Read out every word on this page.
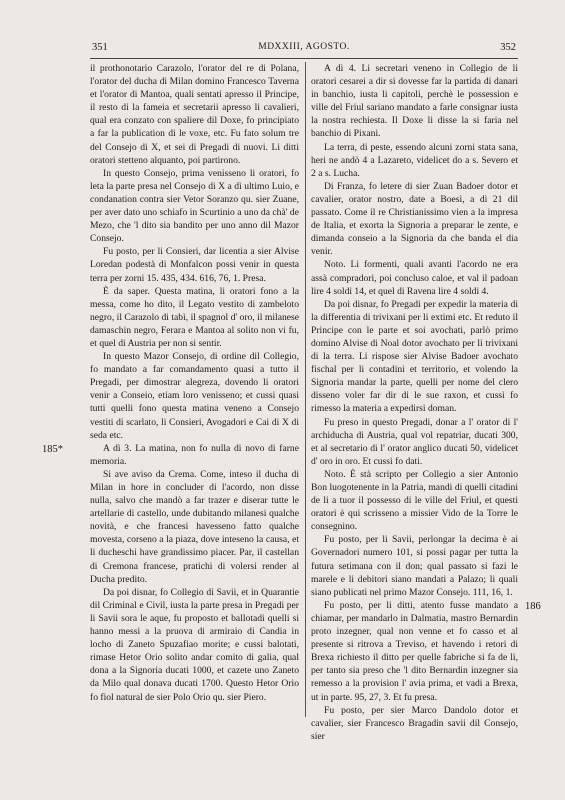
351	MDXXIII, AGOSTO.	352
185*
186

il prothonotario Carazolo, l'orator del re di Polana, l'orator del ducha di Milan domino Francesco Taverna et l'orator di Mantoa, quali sentati apresso il Principe, il resto di la fameia et secretarii apresso li cavalieri, qual era conzato con spaliere dil Doxe, fo principiato a far la publication di le voxe, etc. Fu fato solum tre del Consejo di X, et sei di Pregadi di nuovi. Li ditti oratori stetteno alquanto, poi partirono.

In questo Consejo, prima venisseno li oratori, fo leta la parte presa nel Consejo di X a dì ultimo Luio, e condanation contra sier Vetor Soranzo qu. sier Zuane, per aver dato uno schiafo in Scurtinio a uno da chà' de Mezo, che 'l dito sia bandito per uno anno dil Mazor Consejo.

Fu posto, per li Consieri, dar licentia a sier Alvise Loredan podestà di Monfalcon possi venir in questa terra per zorni 15. 435, 434. 616, 76, 1. Presa.

È da saper. Questa matina, li oratori fono a la messa, come ho dito, il Legato vestito di zambeloto negro, il Carazolo di tabì, il spagnol d' oro, il milanese damaschin negro, Ferara e Mantoa al solito non vi fu, et quel di Austria per non si sentir.

In questo Mazor Consejo, di ordine dil Collegio, fo mandato a far comandamento quasi a tutto il Pregadi, per dimostrar alegreza, dovendo li oratori venir a Conseio, etiam loro venisseno; et cussi quasi tutti quelli fono questa matina veneno a Consejo vestiti di scarlato, li Consieri, Avogadori e Cai di X di seda etc.

A dì 3. La matina, non fo nulla di novo di farne memoria.

Si ave aviso da Crema. Come, inteso il ducha di Milan in hore in concluder di l'acordo, non disse nulla, salvo che mandò a far trazer e diserar tutte le artellarie di castello, unde dubitando milanesi qualche novità, e che francesi havesseno fatto qualche movesta, corseno a la piaza, dove inteseno la causa, et li ducheschi have grandissimo piacer. Par, il castellan di Cremona francese, pratichi di volersi render al Ducha predito.

Da poi disnar, fo Collegio di Savii, et in Quarantie dil Criminal e Civil, iusta la parte presa in Pregadi per li Savii sora le aque, fu proposto et ballotadi quelli si hanno messi a la pruova di armiraio di Candia in locho di Zaneto Spuzafiao morite; e cussi balotati, rimase Hetor Orio solito andar comito di galia, qual dona a la Signoria ducati 1000, et cazete uno Zaneto da Milo qual donava ducati 1700. Questo Hetor Orio fo fiol natural de sier Polo Orio qu. sier Piero.

A dì 4. Li secretari veneno in Collegio de li oratori cesarei a dir si dovesse far la partida di danari in banchio, iusta li capitoli, perchè le possession e ville del Friul sariano mandato a farle consignar iusta la nostra rechiesta. Il Doxe li disse la si faria nel banchio di Pixani.

La terra, di peste, essendo alcuni zorni stata sana, heri ne andò 4 a Lazareto, videlicet do a s. Severo et 2 a s. Lucha.

Di Franza, fo letere di sier Zuan Badoer dotor et cavalier, orator nostro, date a Boesì, a dì 21 dil passato. Come il re Christianissimo vien a la impresa de Italia, et exorta la Signoria a preparar le zente, e dimanda conseio a la Signoria da che banda el dia venir.

Noto. Li formenti, quali avanti l'acordo ne era assà compradori, poi concluso caloe, et val il padoan lire 4 soldi 14, et quel di Ravena lire 4 soldi 4.

Da poi disnar, fo Pregadi per expedir la materia di la differentia di trivixani per li extimi etc. Et reduto il Principe con le parte et soi avochati, parlò primo domino Alvise di Noal dotor avochato per li trivixani di la terra. Li rispose sier Alvise Badoer avochato fischal per li contadini et territorio, et volendo la Signoria mandar la parte, quelli per nome del clero disseno voler far dir di le sue raxon, et cussì fo rimesso la materia a expedirsi doman.

Fu preso in questo Pregadi, donar a l' orator di l' archiducha di Austria, qual vol repatriar, ducati 300, et al secretario di l' orator anglico ducati 50, videlicet d' oro in oro. Et cussì fo dati.

Noto. È stà scripto per Collegio a sier Antonio Bon luogotenente in la Patria, mandi di quelli citadini de li a tuor il possesso di le ville del Friul, et questi oratori è qui scrisseno a missier Vido de la Torre le consegnino.

Fu posto, per li Savii, perlongar la decima è ai Governadori numero 101, si possi pagar per tutta la futura setimana con il don; qual passato si fazi le marele e li debitori siano mandati a Palazo; li quali siano publicati nel primo Mazor Consejo. 111, 16, 1.

Fu posto, per li ditti, atento fusse mandato a chiamar, per mandarlo in Dalmatia, mastro Bernardin proto inzegner, qual non venne et fo casso et al presente si ritrova a Treviso, et havendo i retori di Brexa richiesto il ditto per quelle fabriche si fa de lì, per tanto sia preso che 'l dito Bernardin inzegner sia remesso a la provision l' avia prima, et vadi a Brexa, ut in parte. 95, 27, 3. Et fu presa.

Fu posto, per sier Marco Dandolo dotor et cavalier, sier Francesco Bragadin savii dil Consejo, sier
